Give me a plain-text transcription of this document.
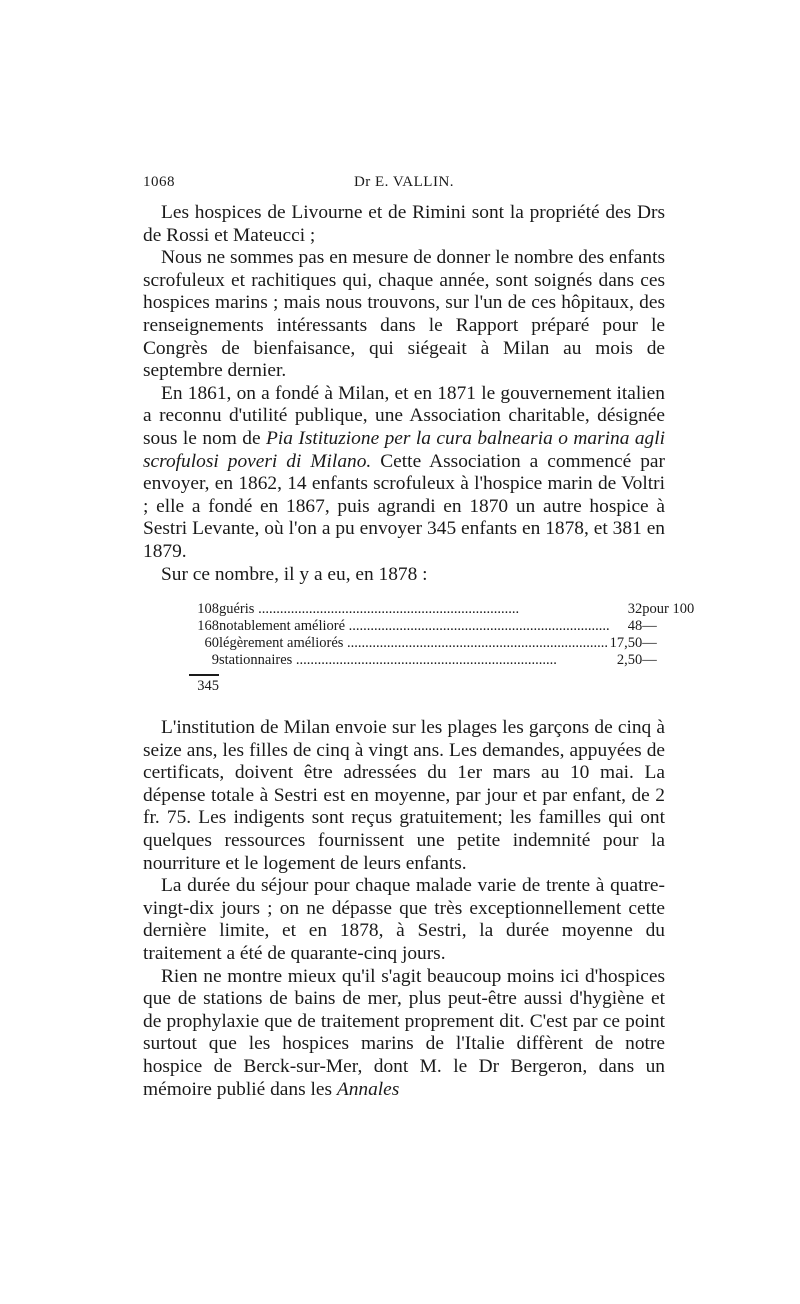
1068	Dr E. VALLIN.

Les hospices de Livourne et de Rimini sont la propriété des Drs de Rossi et Mateucci ;

Nous ne sommes pas en mesure de donner le nombre des enfants scrofuleux et rachitiques qui, chaque année, sont soignés dans ces hospices marins ; mais nous trouvons, sur l'un de ces hôpitaux, des renseignements intéressants dans le Rapport préparé pour le Congrès de bienfaisance, qui siégeait à Milan au mois de septembre dernier.

En 1861, on a fondé à Milan, et en 1871 le gouvernement italien a reconnu d'utilité publique, une Association charitable, désignée sous le nom de Pia Istituzione per la cura balnearia o marina agli scrofulosi poveri di Milano. Cette Association a commencé par envoyer, en 1862, 14 enfants scrofuleux à l'hospice marin de Voltri ; elle a fondé en 1867, puis agrandi en 1870 un autre hospice à Sestri Levante, où l'on a pu envoyer 345 enfants en 1878, et 381 en 1879.

Sur ce nombre, il y a eu, en 1878 :

108	guéris .....	32	pour 100
168	notablement amélioré .....	48	—
60	légèrement améliorés .....	17,50	—
9	stationnaires .....	2,50	—

345			

L'institution de Milan envoie sur les plages les garçons de cinq à seize ans, les filles de cinq à vingt ans. Les demandes, appuyées de certificats, doivent être adressées du 1er mars au 10 mai. La dépense totale à Sestri est en moyenne, par jour et par enfant, de 2 fr. 75. Les indigents sont reçus gratuitement; les familles qui ont quelques ressources fournissent une petite indemnité pour la nourriture et le logement de leurs enfants.

La durée du séjour pour chaque malade varie de trente à quatre-vingt-dix jours ; on ne dépasse que très exceptionnellement cette dernière limite, et en 1878, à Sestri, la durée moyenne du traitement a été de quarante-cinq jours.

Rien ne montre mieux qu'il s'agit beaucoup moins ici d'hospices que de stations de bains de mer, plus peut-être aussi d'hygiène et de prophylaxie que de traitement proprement dit. C'est par ce point surtout que les hospices marins de l'Italie diffèrent de notre hospice de Berck-sur-Mer, dont M. le Dr Bergeron, dans un mémoire publié dans les Annales
